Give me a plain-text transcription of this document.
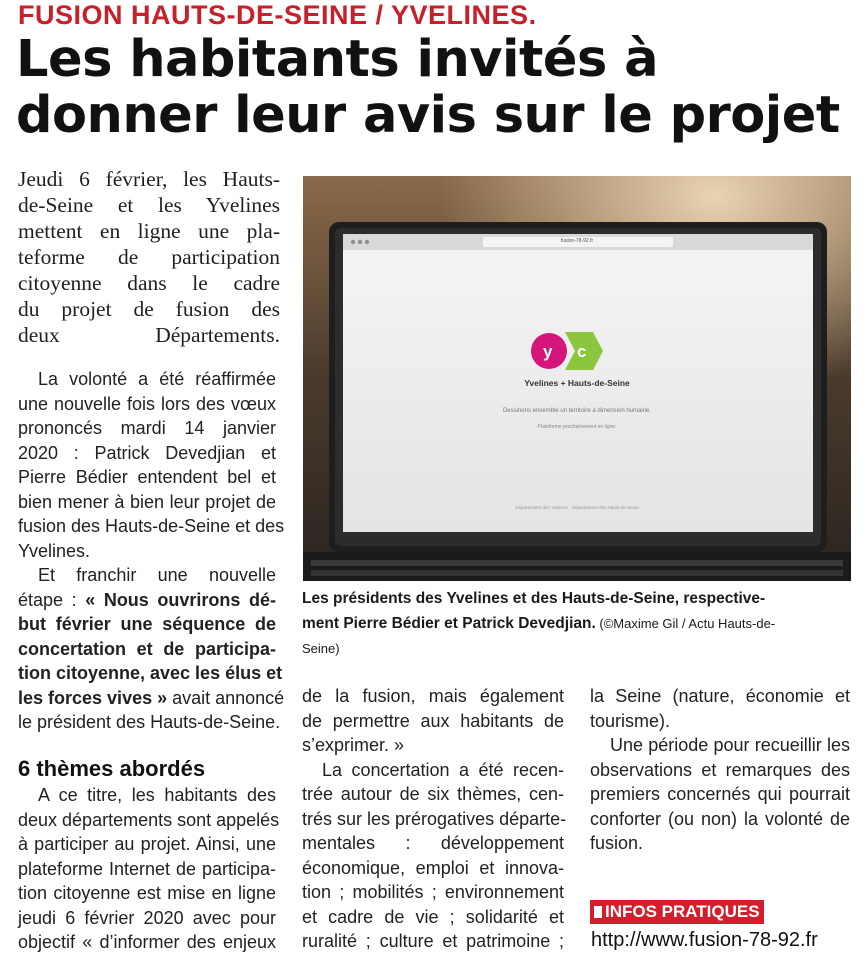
FUSION HAUTS-DE-SEINE / YVELINES.
Les habitants invités à
donner leur avis sur le projet
Jeudi 6 février, les Hauts-
de-Seine et les Yvelines
mettent en ligne une pla-
teforme de participation
citoyenne dans le cadre
du projet de fusion des
deux Départements.
La volonté a été réaffirmée
une nouvelle fois lors des vœux
prononcés mardi 14 janvier
2020 : Patrick Devedjian et
Pierre Bédier entendent bel et
bien mener à bien leur projet de
fusion des Hauts-de-Seine et des
Yvelines.
Et franchir une nouvelle
étape : « Nous ouvrirons dé-
but février une séquence de
concertation et de participa-
tion citoyenne, avec les élus et
les forces vives » avait annoncé
le président des Hauts-de-Seine.
6 thèmes abordés
A ce titre, les habitants des
deux départements sont appelés
à participer au projet. Ainsi, une
plateforme Internet de participa-
tion citoyenne est mise en ligne
jeudi 6 février 2020 avec pour
objectif « d’informer des enjeux
de la fusion, mais également
de permettre aux habitants de
s’exprimer. »
La concertation a été recen-
trée autour de six thèmes, cen-
trés sur les prérogatives départe-
mentales : développement
économique, emploi et innova-
tion ; mobilités ; environnement
et cadre de vie ; solidarité et
ruralité ; culture et patrimoine ;
la Seine (nature, économie et
tourisme).
Une période pour recueillir les
observations et remarques des
premiers concernés qui pourrait
conforter (ou non) la volonté de
fusion.
y c
Yvelines + Hauts-de-Seine
Dessinons ensemble un territoire à dimension humaine.
Plateforme prochainement en ligne.
fusion-78-92.fr
Département des Yvelines · Département des Hauts-de-Seine
Les présidents des Yvelines et des Hauts-de-Seine, respective-
ment Pierre Bédier et Patrick Devedjian. (©Maxime Gil / Actu Hauts-de-
Seine)
INFOS PRATIQUES
http://www.fusion-78-92.fr
